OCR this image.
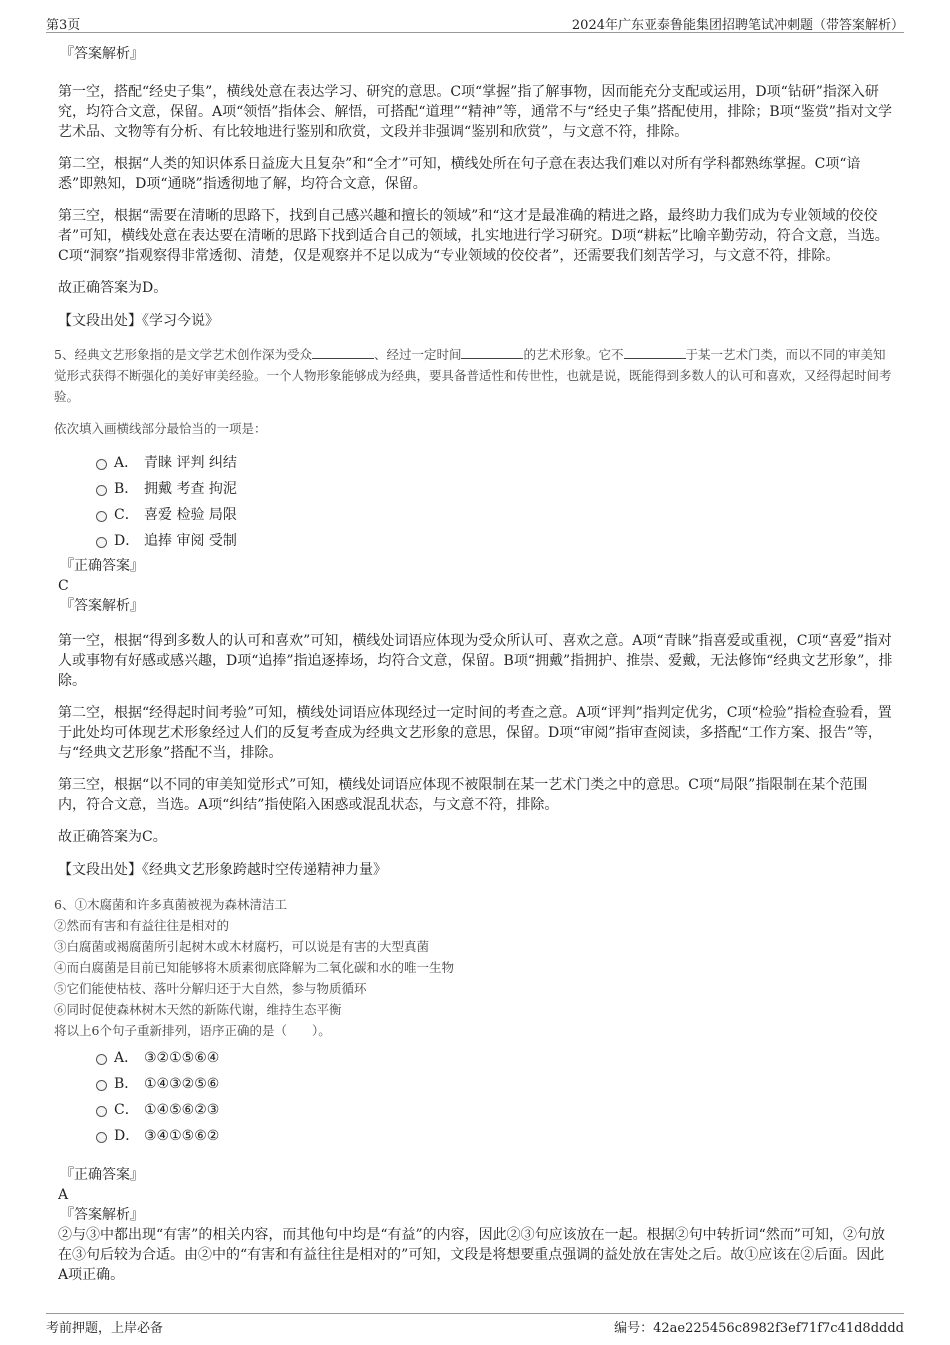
第3页	2024年广东亚泰鲁能集团招聘笔试冲刺题（带答案解析）
『答案解析』

第一空，搭配“经史子集”，横线处意在表达学习、研究的意思。C项“掌握”指了解事物，因而能充分支配或运用，D项“钻研”指深入研究，均符合文意，保留。A项“领悟”指体会、解悟，可搭配“道理”“精神”等，通常不与“经史子集”搭配使用，排除；B项“鉴赏”指对文学艺术品、文物等有分析、有比较地进行鉴别和欣赏，文段并非强调“鉴别和欣赏”，与文意不符，排除。

第二空，根据“人类的知识体系日益庞大且复杂”和“全才”可知，横线处所在句子意在表达我们难以对所有学科都熟练掌握。C项“谙悉”即熟知，D项“通晓”指透彻地了解，均符合文意，保留。

第三空，根据“需要在清晰的思路下，找到自己感兴趣和擅长的领域”和“这才是最准确的精进之路，最终助力我们成为专业领域的佼佼者”可知，横线处意在表达要在清晰的思路下找到适合自己的领域，扎实地进行学习研究。D项“耕耘”比喻辛勤劳动，符合文意，当选。C项“洞察”指观察得非常透彻、清楚，仅是观察并不足以成为“专业领域的佼佼者”，还需要我们刻苦学习，与文意不符，排除。

故正确答案为D。

【文段出处】《学习今说》

5、经典文艺形象指的是文学艺术创作深为受众	、经过一定时间	的艺术形象。它不	于某一艺术门类，而以不同的审美知觉形式获得不断强化的美好审美经验。一个人物形象能够成为经典，要具备普适性和传世性，也就是说，既能得到多数人的认可和喜欢，又经得起时间考验。

依次填入画横线部分最恰当的一项是：

A． 青睐 评判 纠结
B． 拥戴 考查 拘泥
C． 喜爱 检验 局限
D． 追捧 审阅 受制
『正确答案』
C
『答案解析』

第一空，根据“得到多数人的认可和喜欢”可知，横线处词语应体现为受众所认可、喜欢之意。A项“青睐”指喜爱或重视，C项“喜爱”指对人或事物有好感或感兴趣，D项“追捧”指追逐捧场，均符合文意，保留。B项“拥戴”指拥护、推崇、爱戴，无法修饰“经典文艺形象”，排除。

第二空，根据“经得起时间考验”可知，横线处词语应体现经过一定时间的考查之意。A项“评判”指判定优劣，C项“检验”指检查验看，置于此处均可体现艺术形象经过人们的反复考查成为经典文艺形象的意思，保留。D项“审阅”指审查阅读，多搭配“工作方案、报告”等，与“经典文艺形象”搭配不当，排除。

第三空，根据“以不同的审美知觉形式”可知，横线处词语应体现不被限制在某一艺术门类之中的意思。C项“局限”指限制在某个范围内，符合文意，当选。A项“纠结”指使陷入困惑或混乱状态，与文意不符，排除。

故正确答案为C。

【文段出处】《经典文艺形象跨越时空传递精神力量》

6、①木腐菌和许多真菌被视为森林清洁工

②然而有害和有益往往是相对的

③白腐菌或褐腐菌所引起树木或木材腐朽，可以说是有害的大型真菌

④而白腐菌是目前已知能够将木质素彻底降解为二氧化碳和水的唯一生物

⑤它们能使枯枝、落叶分解归还于大自然，参与物质循环

⑥同时促使森林树木天然的新陈代谢，维持生态平衡

将以上6个句子重新排列，语序正确的是（　　）。

A． ③②①⑤⑥④
B． ①④③②⑤⑥
C． ①④⑤⑥②③
D． ③④①⑤⑥②
『正确答案』
A
『答案解析』

②与③中都出现“有害”的相关内容，而其他句中均是“有益”的内容，因此②③句应该放在一起。根据②句中转折词“然而”可知，②句放在③句后较为合适。由②中的“有害和有益往往是相对的”可知，文段是将想要重点强调的益处放在害处之后。故①应该在②后面。因此A项正确。

考前押题，上岸必备	编号：42ae225456c8982f3ef71f7c41d8dddd
